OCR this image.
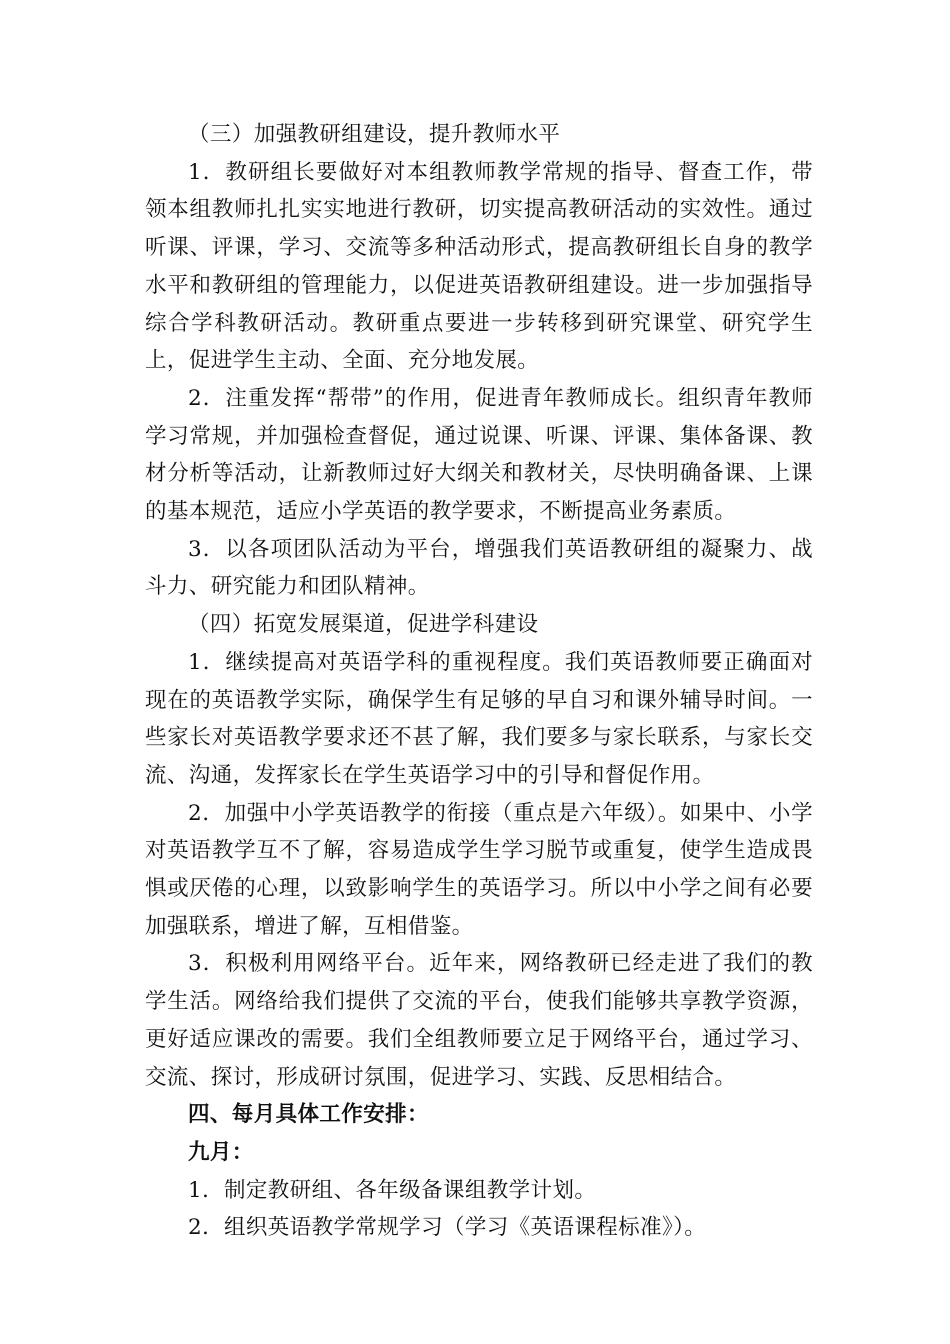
（三）加强教研组建设，提升教师水平

1．教研组长要做好对本组教师教学常规的指导、督查工作，带领本组教师扎扎实实地进行教研，切实提高教研活动的实效性。通过听课、评课，学习、交流等多种活动形式，提高教研组长自身的教学水平和教研组的管理能力，以促进英语教研组建设。进一步加强指导综合学科教研活动。教研重点要进一步转移到研究课堂、研究学生上，促进学生主动、全面、充分地发展。

2．注重发挥“帮带”的作用，促进青年教师成长。组织青年教师学习常规，并加强检查督促，通过说课、听课、评课、集体备课、教材分析等活动，让新教师过好大纲关和教材关，尽快明确备课、上课的基本规范，适应小学英语的教学要求，不断提高业务素质。

3．以各项团队活动为平台，增强我们英语教研组的凝聚力、战斗力、研究能力和团队精神。

（四）拓宽发展渠道，促进学科建设

1．继续提高对英语学科的重视程度。我们英语教师要正确面对现在的英语教学实际，确保学生有足够的早自习和课外辅导时间。一些家长对英语教学要求还不甚了解，我们要多与家长联系，与家长交流、沟通，发挥家长在学生英语学习中的引导和督促作用。

2．加强中小学英语教学的衔接（重点是六年级）。如果中、小学对英语教学互不了解，容易造成学生学习脱节或重复，使学生造成畏惧或厌倦的心理，以致影响学生的英语学习。所以中小学之间有必要加强联系，增进了解，互相借鉴。

3．积极利用网络平台。近年来，网络教研已经走进了我们的教学生活。网络给我们提供了交流的平台，使我们能够共享教学资源，更好适应课改的需要。我们全组教师要立足于网络平台，通过学习、交流、探讨，形成研讨氛围，促进学习、实践、反思相结合。

四、每月具体工作安排：

九月：

1．制定教研组、各年级备课组教学计划。

2．组织英语教学常规学习（学习《英语课程标准》）。
